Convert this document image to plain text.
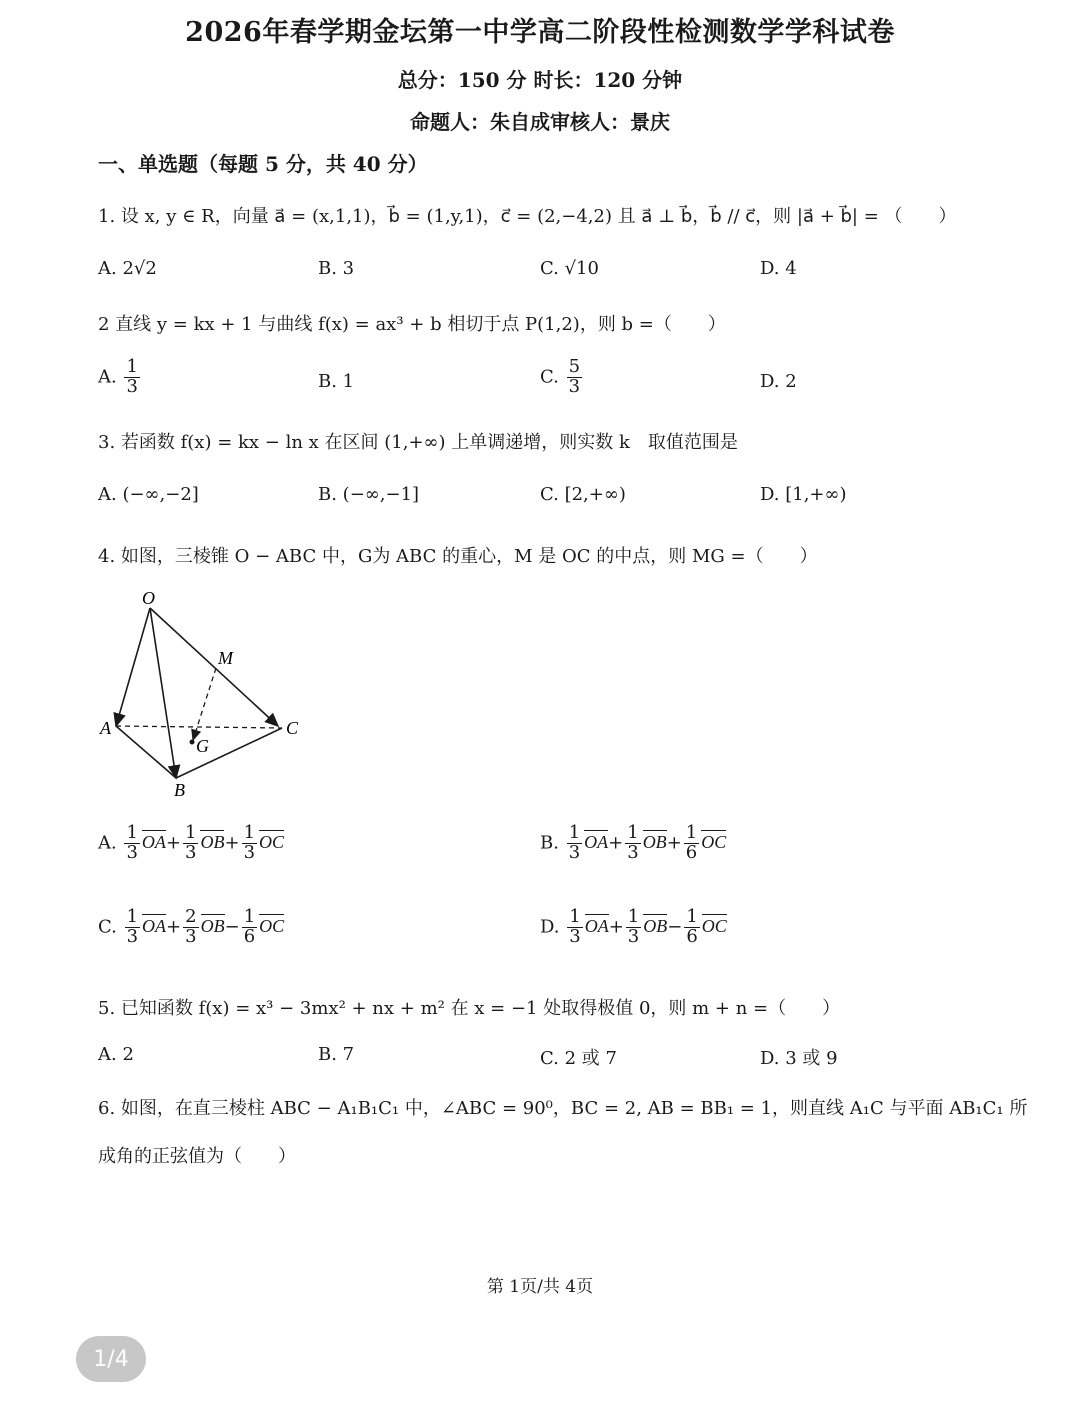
2026年春学期金坛第一中学高二阶段性检测数学学科试卷
总分：150 分 时长：120 分钟
命题人：朱自成审核人：景庆
一、单选题（每题 5 分，共 40 分）
1. 设 x, y ∈ R，向量 a⃗ = (x,1,1)，b⃗ = (1,y,1)，c⃗ = (2,−4,2) 且 a⃗ ⊥ b⃗，b⃗ // c⃗，则 |a⃗ + b⃗| = （　　）
A. 2√2	B. 3	C. √10	D. 4
2 直线 y = kx + 1 与曲线 f(x) = ax³ + b 相切于点 P(1,2)，则 b =（　　）
A. $\frac{1}{3}$	B. 1	C. $\frac{5}{3}$	D. 2
3. 若函数 f(x) = kx − ln x 在区间 (1,+∞) 上单调递增，则实数 k　取值范围是
A. (−∞,−2]	B. (−∞,−1]	C. [2,+∞)	D. [1,+∞)
4. 如图，三棱锥 O − ABC 中，G为 ABC 的重心，M 是 OC 的中点，则 MG =（　　）
O
A
B
C
M
G
A. $\frac{1}{3} OA+ \frac{1}{3} OB+ \frac{1}{3}$ OC	B. $\frac{1}{3} OA+ \frac{1}{3} OB+ \frac{1}{6}$ OC
C. $\frac{1}{3} OA+ \frac{2}{3} OB- \frac{1}{6}$ OC	D. $\frac{1}{3} OA+ \frac{1}{3} OB- \frac{1}{6}$ OC
5. 已知函数 f(x) = x³ − 3mx² + nx + m² 在 x = −1 处取得极值 0，则 m + n =（　　）
A. 2	B. 7	C. 2 或 7	D. 3 或 9
6. 如图，在直三棱柱 ABC − A₁B₁C₁ 中，∠ABC = 90⁰，BC = 2, AB = BB₁ = 1，则直线 A₁C 与平面 AB₁C₁ 所
成角的正弦值为（　　）
第 1页/共 4页
1/4
